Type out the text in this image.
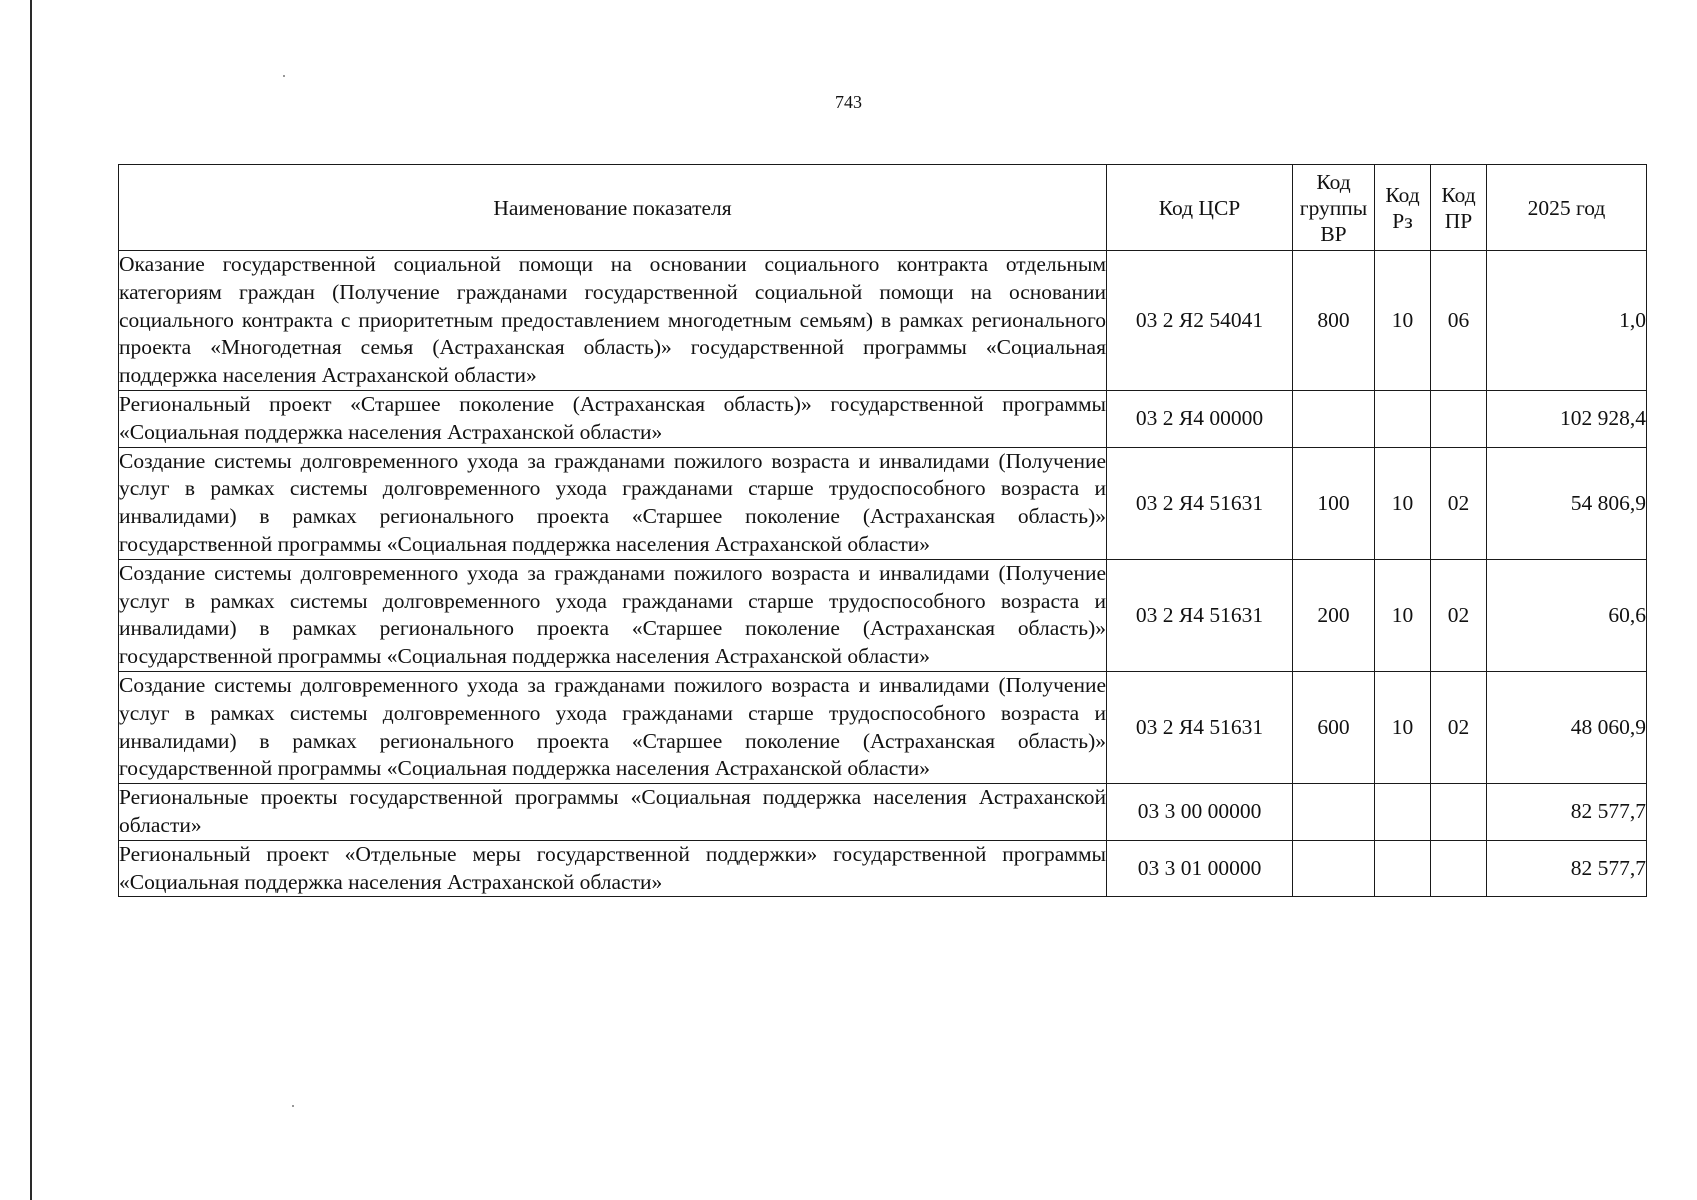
743
Наименование показателя	Код ЦСР	Код группы ВР	Код Рз	Код ПР	2025 год
Оказание государственной социальной помощи на основании социального контракта отдельным категориям граждан (Получение гражданами государственной социальной помощи на основании социального контракта с приоритетным предоставлением многодетным семьям) в рамках регионального проекта «Многодетная семья (Астраханская область)» государственной программы «Социальная поддержка населения Астраханской области»	03 2 Я2 54041	800	10	06	1,0
Региональный проект «Старшее поколение (Астраханская область)» государственной программы «Социальная поддержка населения Астраханской области»	03 2 Я4 00000				102 928,4
Создание системы долговременного ухода за гражданами пожилого возраста и инвалидами (Получение услуг в рамках системы долговременного ухода гражданами старше трудоспособного возраста и инвалидами) в рамках регионального проекта «Старшее поколение (Астраханская область)» государственной программы «Социальная поддержка населения Астраханской области»	03 2 Я4 51631	100	10	02	54 806,9
Создание системы долговременного ухода за гражданами пожилого возраста и инвалидами (Получение услуг в рамках системы долговременного ухода гражданами старше трудоспособного возраста и инвалидами) в рамках регионального проекта «Старшее поколение (Астраханская область)» государственной программы «Социальная поддержка населения Астраханской области»	03 2 Я4 51631	200	10	02	60,6
Создание системы долговременного ухода за гражданами пожилого возраста и инвалидами (Получение услуг в рамках системы долговременного ухода гражданами старше трудоспособного возраста и инвалидами) в рамках регионального проекта «Старшее поколение (Астраханская область)» государственной программы «Социальная поддержка населения Астраханской области»	03 2 Я4 51631	600	10	02	48 060,9
Региональные проекты государственной программы «Социальная поддержка населения Астраханской области»	03 3 00 00000				82 577,7
Региональный проект «Отдельные меры государственной поддержки» государственной программы «Социальная поддержка населения Астраханской области»	03 3 01 00000				82 577,7
